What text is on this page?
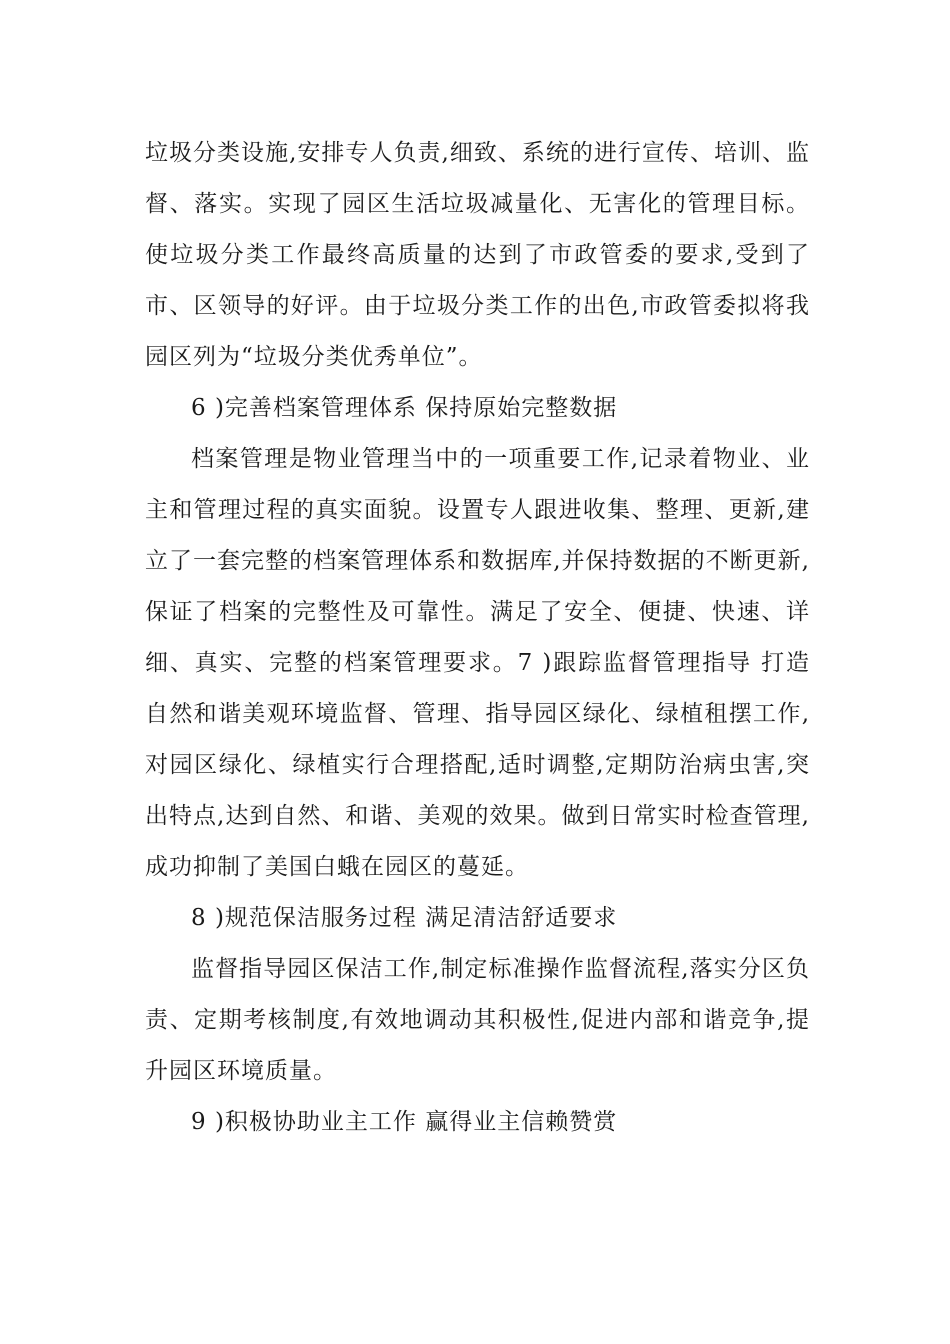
垃圾分类设施,安排专人负责,细致、系统的进行宣传、培训、监督、落实。实现了园区生活垃圾减量化、无害化的管理目标。使垃圾分类工作最终高质量的达到了市政管委的要求,受到了市、区领导的好评。由于垃圾分类工作的出色,市政管委拟将我园区列为“垃圾分类优秀单位”。

6 )完善档案管理体系 保持原始完整数据

档案管理是物业管理当中的一项重要工作,记录着物业、业主和管理过程的真实面貌。设置专人跟进收集、整理、更新,建立了一套完整的档案管理体系和数据库,并保持数据的不断更新,保证了档案的完整性及可靠性。满足了安全、便捷、快速、详细、真实、完整的档案管理要求。7 )跟踪监督管理指导 打造自然和谐美观环境监督、管理、指导园区绿化、绿植租摆工作,对园区绿化、绿植实行合理搭配,适时调整,定期防治病虫害,突出特点,达到自然、和谐、美观的效果。做到日常实时检查管理,成功抑制了美国白蛾在园区的蔓延。

8 )规范保洁服务过程 满足清洁舒适要求

监督指导园区保洁工作,制定标准操作监督流程,落实分区负责、定期考核制度,有效地调动其积极性,促进内部和谐竞争,提升园区环境质量。

9 )积极协助业主工作 赢得业主信赖赞赏
